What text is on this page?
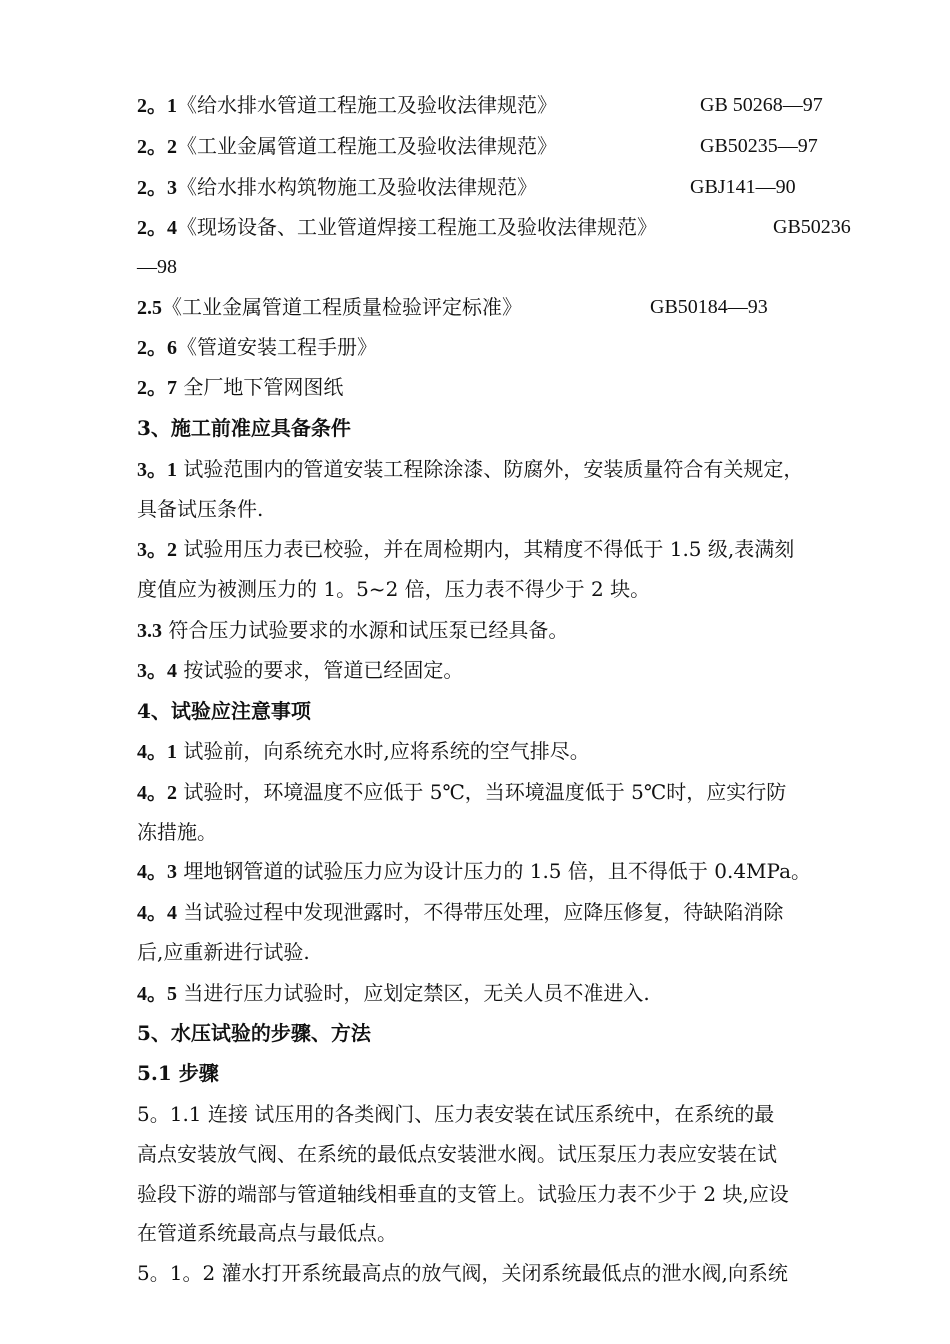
2。1《给水排水管道工程施工及验收法律规范》	GB 50268—97
2。2《工业金属管道工程施工及验收法律规范》	GB50235—97
2。3《给水排水构筑物施工及验收法律规范》	GBJ141—90
2。4《现场设备、工业管道焊接工程施工及验收法律规范》	GB50236
—98
2.5《工业金属管道工程质量检验评定标准》	GB50184—93
2。6《管道安装工程手册》
2。7 全厂地下管网图纸
3、施工前准应具备条件
3。1 试验范围内的管道安装工程除涂漆、防腐外，安装质量符合有关规定，
具备试压条件.
3。2 试验用压力表已校验，并在周检期内，其精度不得低于 1.5 级,表满刻
度值应为被测压力的 1。5~2 倍，压力表不得少于 2 块。
3.3 符合压力试验要求的水源和试压泵已经具备。
3。4 按试验的要求，管道已经固定。
4、试验应注意事项
4。1 试验前，向系统充水时,应将系统的空气排尽。
4。2 试验时，环境温度不应低于 5℃，当环境温度低于 5℃时，应实行防
冻措施。
4。3 埋地钢管道的试验压力应为设计压力的 1.5 倍，且不得低于 0.4MPa。
4。4 当试验过程中发现泄露时，不得带压处理，应降压修复，待缺陷消除
后,应重新进行试验.
4。5 当进行压力试验时，应划定禁区，无关人员不准进入.
5、水压试验的步骤、方法
5.1 步骤
5。1.1 连接 试压用的各类阀门、压力表安装在试压系统中，在系统的最
高点安装放气阀、在系统的最低点安装泄水阀。试压泵压力表应安装在试
验段下游的端部与管道轴线相垂直的支管上。试验压力表不少于 2 块,应设
在管道系统最高点与最低点。
5。1。2 灌水打开系统最高点的放气阀，关闭系统最低点的泄水阀,向系统
